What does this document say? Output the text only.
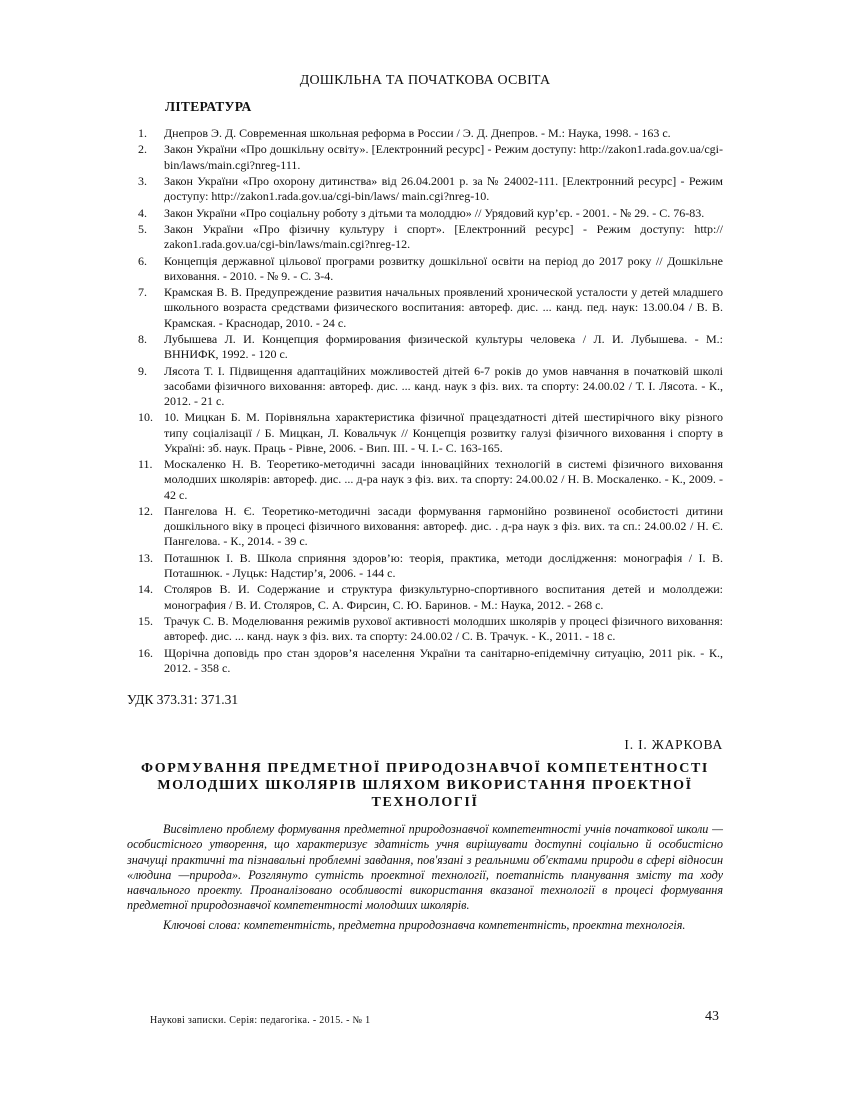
ДОШКЛЬНА ТА ПОЧАТКОВА ОСВІТА
ЛІТЕРАТУРА
1.	Днепров Э. Д. Современная школьная реформа в России / Э. Д. Днепров. - М.: Наука, 1998. - 163 с.
2.	Закон України «Про дошкільну освіту». [Електронний ресурс] - Режим доступу: http://zakon1.rada.gov.ua/cgi-bin/laws/main.cgi?nreg-111.
3.	Закон України «Про охорону дитинства» від 26.04.2001 р. за № 24002-111. [Електронний ресурс] - Режим доступу: http://zakon1.rada.gov.ua/cgi-bin/laws/ main.cgi?nreg-10.
4.	Закон України «Про соціальну роботу з дітьми та молоддю» // Урядовий кур’єр. - 2001. - № 29. - С. 76-83.
5.	Закон України «Про фізичну культуру і спорт». [Електронний ресурс] - Режим доступу: http:// zakon1.rada.gov.ua/cgi-bin/laws/main.cgi?nreg-12.
6.	Концепція державної цільової програми розвитку дошкільної освіти на період до 2017 року // Дошкільне виховання. - 2010. - № 9. - С. 3-4.
7.	Крамская В. В. Предупреждение развития начальных проявлений хронической усталости у детей младшего школьного возраста средствами физического воспитания: автореф. дис. ... канд. пед. наук: 13.00.04 / В. В. Крамская. - Краснодар, 2010. - 24 с.
8.	Лубышева Л. И. Концепция формирования физической культуры человека / Л. И. Лубышева. - М.: ВННИФК, 1992. - 120 с.
9.	Лясота Т. І. Підвищення адаптаційних можливостей дітей 6-7 років до умов навчання в початковій школі засобами фізичного виховання: автореф. дис. ... канд. наук з фіз. вих. та спорту: 24.00.02 / Т. І. Лясота. - К., 2012. - 21 с.
10. 10. Мицкан Б. М. Порівняльна характеристика фізичної працездатності дітей шестирічного віку різного типу соціалізації / Б. Мицкан, Л. Ковальчук // Концепція розвитку галузі фізичного виховання і спорту в Україні: зб. наук. Праць - Рівне, 2006. - Вип. III. - Ч. І.- С. 163-165.
11. Москаленко Н. В. Теоретико-методичні засади інноваційних технологій в системі фізичного виховання молодших школярів: автореф. дис. ... д-ра наук з фіз. вих. та спорту: 24.00.02 / Н. В. Москаленко. - К., 2009. - 42 с.
12. Пангелова Н. Є. Теоретико-методичні засади формування гармонійно розвиненої особистості дитини дошкільного віку в процесі фізичного виховання: автореф. дис. . д-ра наук з фіз. вих. та сп.: 24.00.02 / Н. Є. Пангелова. - К., 2014. - 39 с.
13. Поташнюк І. В. Школа сприяння здоров’ю: теорія, практика, методи дослідження: монографія / І. В. Поташнюк. - Луцьк: Надстир’я, 2006. - 144 с.
14. Столяров В. И. Содержание и структура физкультурно-спортивного воспитания детей и мололдежи: монография / В. И. Столяров, С. А. Фирсин, С. Ю. Баринов. - М.: Наука, 2012. - 268 с.
15. Трачук С. В. Моделювання режимів рухової активності молодших школярів у процесі фізичного виховання: автореф. дис. ... канд. наук з фіз. вих. та спорту: 24.00.02 / С. В. Трачук. - К., 2011. - 18 с.
16. Щорічна доповідь про стан здоров’я населення України та санітарно-епідемічну ситуацію, 2011 рік. - К., 2012. - 358 с.
УДК 373.31: 371.31
І. І. ЖАРКОВА
ФОРМУВАННЯ ПРЕДМЕТНОЇ ПРИРОДОЗНАВЧОЇ КОМПЕТЕНТНОСТІ МОЛОДШИХ ШКОЛЯРІВ ШЛЯХОМ ВИКОРИСТАННЯ ПРОЕКТНОЇ ТЕХНОЛОГІЇ

Висвітлено проблему формування предметної природознавчої компетентності учнів початкової школи —особистісного утворення, що характеризує здатність учня вирішувати доступні соціально й особистісно значущі практичні та пізнавальні проблемні завдання, пов'язані з реальними об'єктами природи в сфері відносин «людина —природа». Розглянуто сутність проектної технології, поетапність планування змісту та ходу навчального проекту. Проаналізовано особливості використання вказаної технології в процесі формування предметної природознавчої компетентності молодших школярів.

Ключові слова: компетентність, предметна природознавча компетентність, проектна технологія.

Наукові записки. Серія: педагогіка. - 2015. - № 1	43
